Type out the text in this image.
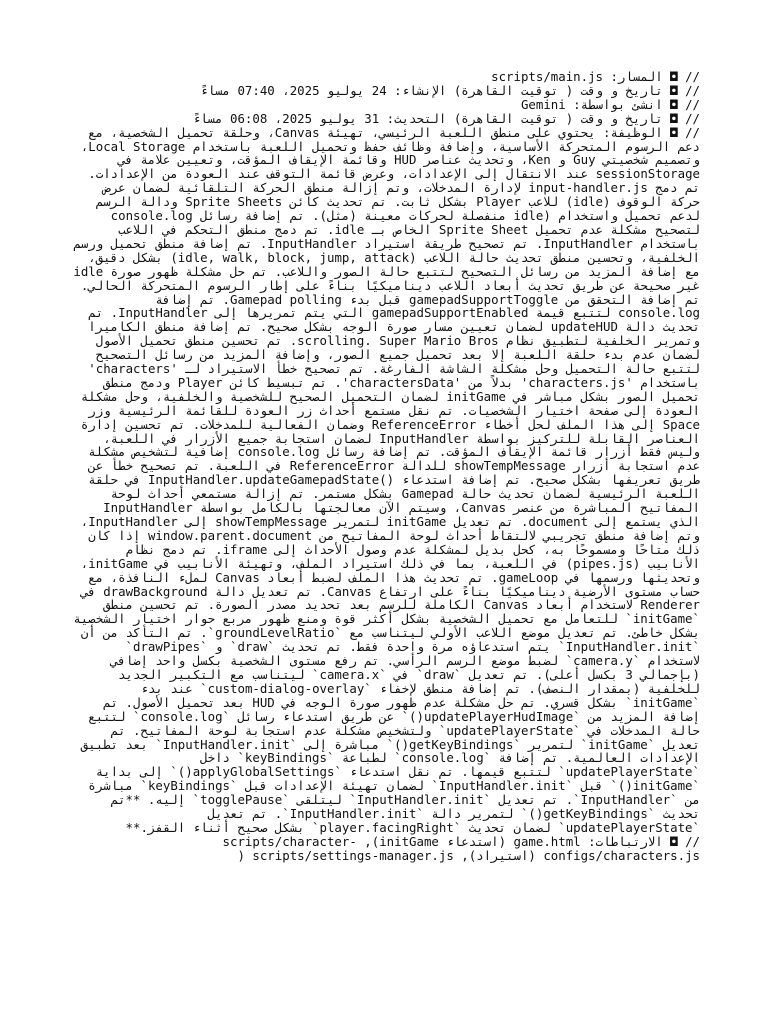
// ◘ المسار: scripts/main.js
// ◘ تاريخ و وقت ( توقيت القاهرة) الإنشاء: 24 يوليو 2025، 07:40 مساءً
// ◘ انشئ بواسطة: Gemini
// ◘ تاريخ و وقت ( توقيت القاهرة) التحديث: 31 يوليو 2025، 06:08 مساءً
// ◘ الوظيفة: يحتوي على منطق اللعبة الرئيسي، تهيئة Canvas، وحلقة تحميل الشخصية، مع دعم الرسوم المتحركة الأساسية، وإضافة وظائف حفظ وتحميل اللعبة باستخدام Local Storage، وتصميم شخصيتي Guy و Ken، وتحديث عناصر HUD وقائمة الإيقاف المؤقت، وتعيين علامة في sessionStorage عند الانتقال إلى الإعدادات، وعرض قائمة التوقف عند العودة من الإعدادات. تم دمج input-handler.js لإدارة المدخلات، وتم إزالة منطق الحركة التلقائية لضمان عرض حركة الوقوف (idle) للاعب Player بشكل ثابت. تم تحديث كائن Sprite Sheets ودالة الرسم لدعم تحميل واستخدام (idle منفصلة لحركات معينة (مثل). تم إضافة رسائل console.log لتصحيح مشكلة عدم تحميل Sprite Sheet الخاص بـ idle. تم دمج منطق التحكم في اللاعب باستخدام InputHandler. تم تصحيح طريقة استيراد InputHandler. تم إضافة منطق تحميل ورسم الخلفية، وتحسين منطق تحديث حالة اللاعب (idle, walk, block, jump, attack) بشكل دقيق، مع إضافة المزيد من رسائل التصحيح لتتبع حالة الصور واللاعب. تم حل مشكلة ظهور صورة idle غير صحيحة عن طريق تحديث أبعاد اللاعب ديناميكيًا بناءً على إطار الرسوم المتحركة الحالي. تم إضافة التحقق من gamepadSupportToggle قبل بدء Gamepad polling. تم إضافة console.log لتتبع قيمة gamepadSupportEnabled التي يتم تمريرها إلى InputHandler. تم تحديث دالة updateHUD لضمان تعيين مسار صورة الوجه بشكل صحيح. تم إضافة منطق الكاميرا وتمرير الخلفية لتطبيق نظام scrolling. Super Mario Bros. تم تحسين منطق تحميل الأصول لضمان عدم بدء حلقة اللعبة إلا بعد تحميل جميع الصور، وإضافة المزيد من رسائل التصحيح لتتبع حالة التحميل وحل مشكلة الشاشة الفارغة. تم تصحيح خطأ الاستيراد لـ 'characters' باستخدام 'characters.js' بدلاً من 'charactersData'. تم تبسيط كائن Player ودمج منطق تحميل الصور بشكل مباشر في initGame لضمان التحميل الصحيح للشخصية والخلفية، وحل مشكلة العودة إلى صفحة اختيار الشخصيات. تم نقل مستمع أحداث زر العودة للقائمة الرئيسية وزر Space إلى هذا الملف لحل أخطاء ReferenceError وضمان الفعالية للمدخلات. تم تحسين إدارة العناصر القابلة للتركيز بواسطة InputHandler لضمان استجابة جميع الأزرار في اللعبة، وليس فقط أزرار قائمة الإيقاف المؤقت. تم إضافة رسائل console.log إضافية لتشخيص مشكلة عدم استجابة أزرار showTempMessage للدالة ReferenceError في اللعبة. تم تصحيح خطأ عن طريق تعريفها بشكل صحيح. تم إضافة استدعاء ()InputHandler.updateGamepadState في حلقة اللعبة الرئيسية لضمان تحديث حالة Gamepad بشكل مستمر. تم إزالة مستمعي أحداث لوحة المفاتيح المباشرة من عنصر Canvas، وسيتم الآن معالجتها بالكامل بواسطة InputHandler الذي يستمع إلى document. تم تعديل initGame لتمرير showTempMessage إلى InputHandler، وتم إضافة منطق تجريبي لالتقاط أحداث لوحة المفاتيح من window.parent.document إذا كان ذلك متاحًا ومسموحًا به، كحل بديل لمشكلة عدم وصول الأحداث إلى iframe. تم دمج نظام الأنابيب (pipes.js) في اللعبة، بما في ذلك استيراد الملف، وتهيئة الأنابيب في initGame، وتحديثها ورسمها في gameLoop. تم تحديث هذا الملف لضبط أبعاد Canvas لملء النافذة، مع حساب مستوى الأرضية ديناميكيًا بناءً على ارتفاع Canvas. تم تعديل دالة drawBackground في Renderer لاستخدام أبعاد Canvas الكاملة للرسم بعد تحديد مصدر الصورة. تم تحسين منطق `initGame` للتعامل مع تحميل الشخصية بشكل أكثر قوة ومنع ظهور مربع حوار اختيار الشخصية بشكل خاطئ. تم تعديل موضع اللاعب الأولي ليتناسب مع `groundLevelRatio`. تم التأكد من أن `InputHandler.init` يتم استدعاؤه مرة واحدة فقط. تم تحديث `draw` و `drawPipes` لاستخدام `camera.y` لضبط موضع الرسم الرأسي. تم رفع مستوى الشخصية بكسل واحد إضافي (بإجمالي 3 بكسل أعلى). تم تعديل `draw` في `camera.x` ليتناسب مع التكبير الجديد للخلفية (بمقدار النصف). تم إضافة منطق لإخفاء `custom-dialog-overlay` عند بدء `initGame` بشكل قسري. تم حل مشكلة عدم ظهور صورة الوجه في HUD بعد تحميل الأصول. تم إضافة المزيد من `updatePlayerHudImage()` عن طريق استدعاء رسائل `console.log` لتتبع حالة المدخلات في `updatePlayerState` ولتشخيص مشكلة عدم استجابة لوحة المفاتيح. تم تعديل `initGame` لتمرير `getKeyBindings()` مباشرة إلى `InputHandler.init` بعد تطبيق الإعدادات العالمية. تم إضافة `console.log` لطباعة `keyBindings` داخل `updatePlayerState` لتتبع قيمها. تم نقل استدعاء `applyGlobalSettings()` إلى بداية `initGame()` قبل `InputHandler.init` لضمان تهيئة الإعدادات قبل `keyBindings` مباشرة من `InputHandler`. تم تعديل `InputHandler.init` ليتلقى `togglePause` إليه. **تم تحديث `getKeyBindings()` لتمرير دالة `InputHandler.init`. تم تعديل `updatePlayerState` لضمان تحديث `player.facingRight` بشكل صحيح أثناء القفز.**
// ◘ الارتباطات: game.html (استدعاء initGame), scripts/character-configs/characters.js (استيراد), scripts/settings-manager.js (
